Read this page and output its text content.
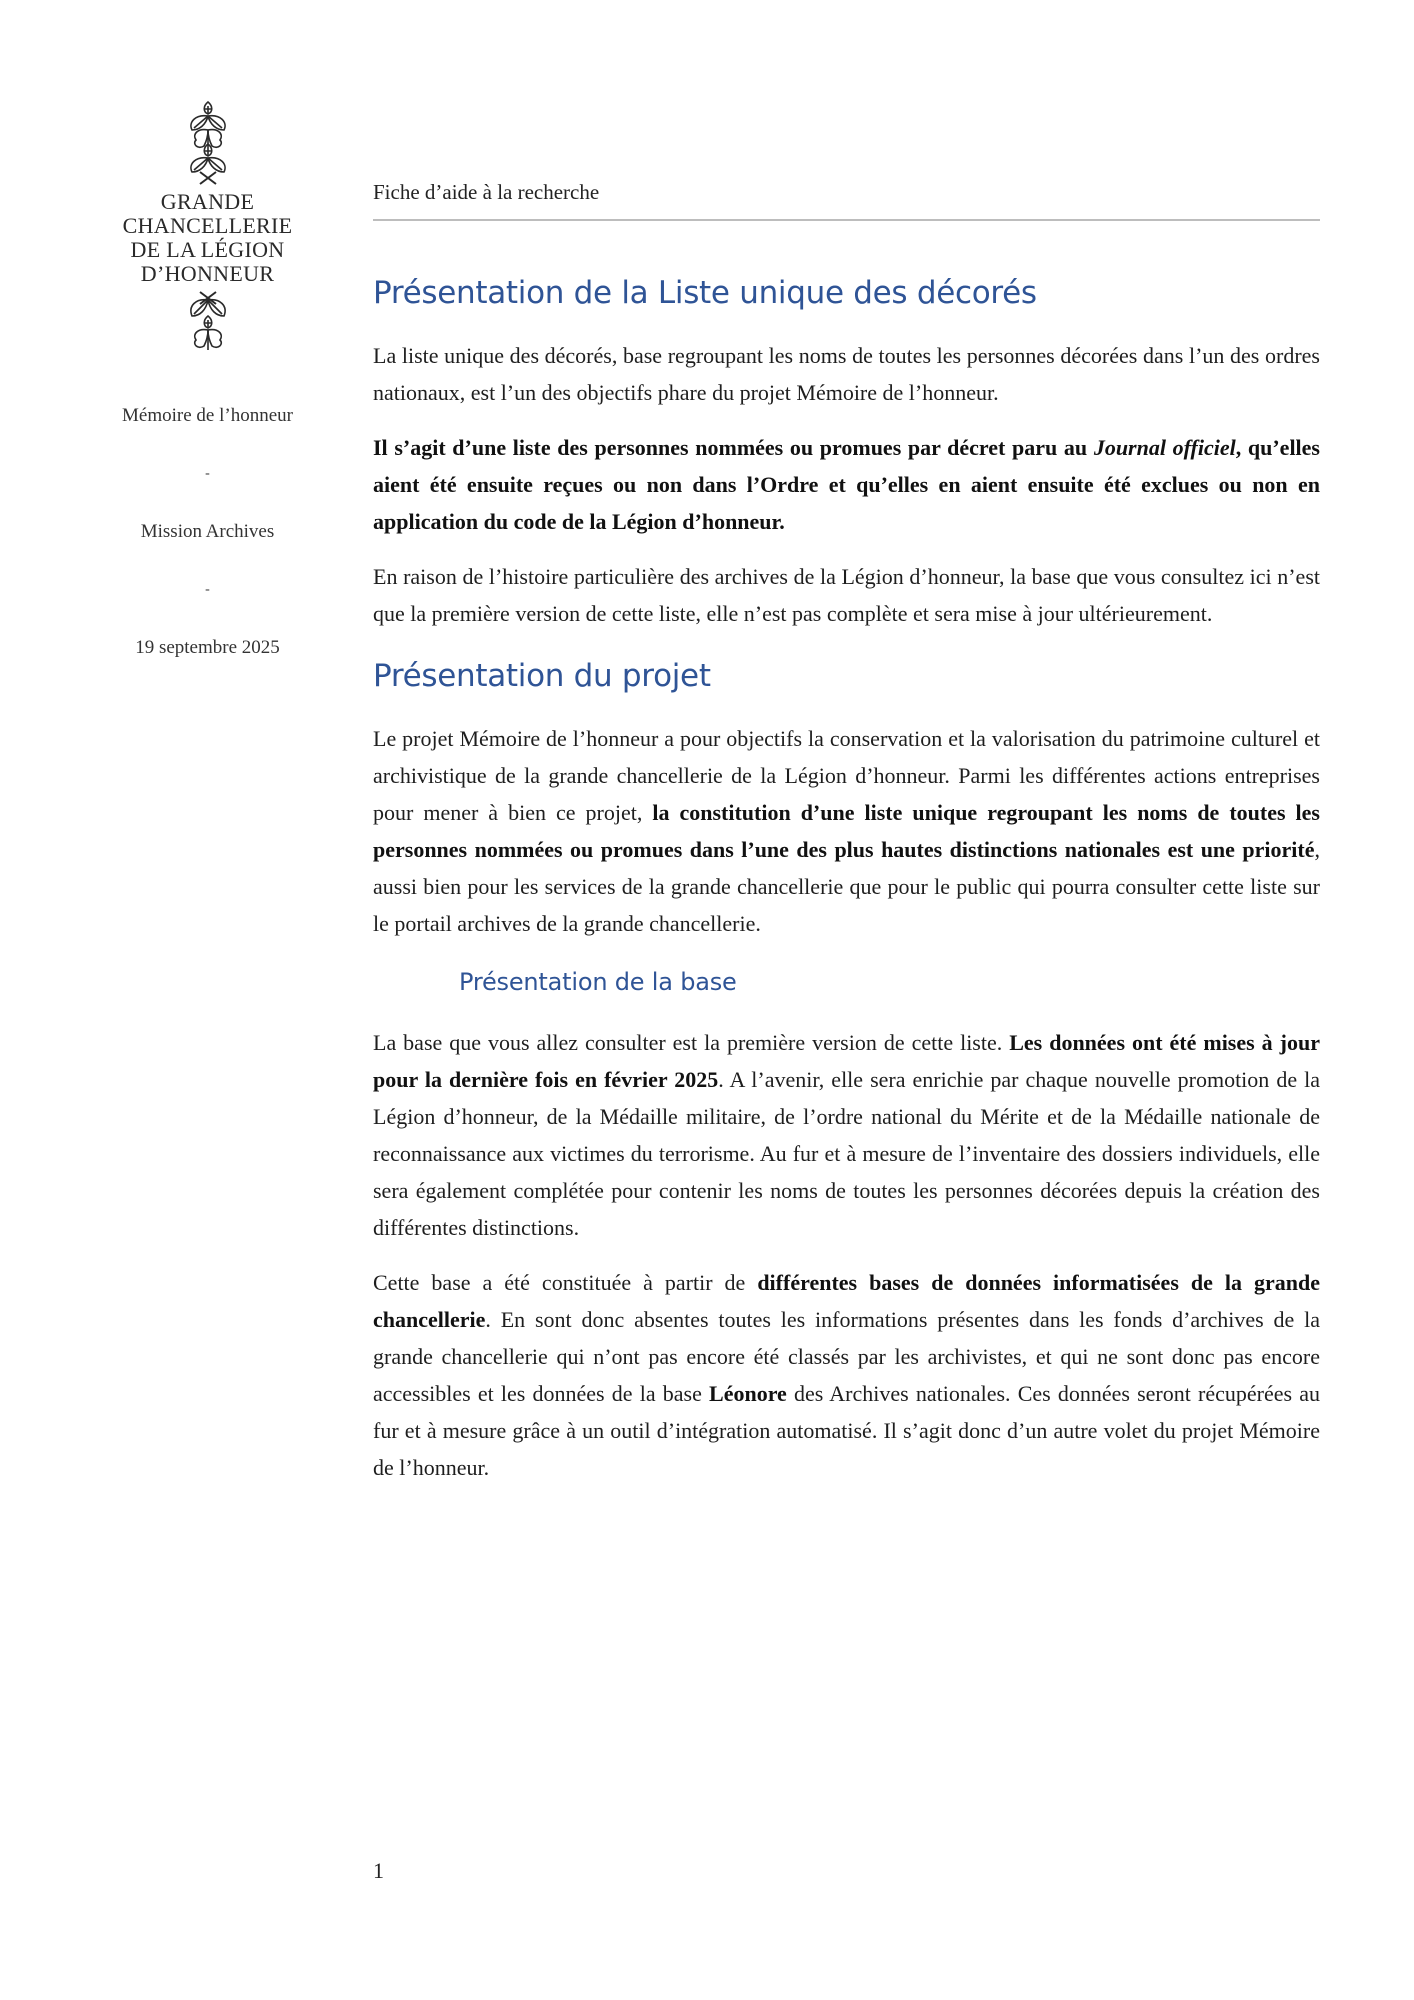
GRANDE
CHANCELLERIE
DE LA LÉGION
D’HONNEUR
Mémoire de l’honneur
-
Mission Archives
-
19 septembre 2025
Fiche d’aide à la recherche
Présentation de la Liste unique des décorés

La liste unique des décorés, base regroupant les noms de toutes les personnes décorées dans l’un des ordres nationaux, est l’un des objectifs phare du projet Mémoire de l’honneur.

Il s’agit d’une liste des personnes nommées ou promues par décret paru au Journal officiel, qu’elles aient été ensuite reçues ou non dans l’Ordre et qu’elles en aient ensuite été exclues ou non en application du code de la Légion d’honneur.

En raison de l’histoire particulière des archives de la Légion d’honneur, la base que vous consultez ici n’est que la première version de cette liste, elle n’est pas complète et sera mise à jour ultérieurement.

Présentation du projet

Le projet Mémoire de l’honneur a pour objectifs la conservation et la valorisation du patrimoine culturel et archivistique de la grande chancellerie de la Légion d’honneur. Parmi les différentes actions entreprises pour mener à bien ce projet, la constitution d’une liste unique regroupant les noms de toutes les personnes nommées ou promues dans l’une des plus hautes distinctions nationales est une priorité, aussi bien pour les services de la grande chancellerie que pour le public qui pourra consulter cette liste sur le portail archives de la grande chancellerie.

Présentation de la base

La base que vous allez consulter est la première version de cette liste. Les données ont été mises à jour pour la dernière fois en février 2025. A l’avenir, elle sera enrichie par chaque nouvelle promotion de la Légion d’honneur, de la Médaille militaire, de l’ordre national du Mérite et de la Médaille nationale de reconnaissance aux victimes du terrorisme. Au fur et à mesure de l’inventaire des dossiers individuels, elle sera également complétée pour contenir les noms de toutes les personnes décorées depuis la création des différentes distinctions.

Cette base a été constituée à partir de différentes bases de données informatisées de la grande chancellerie. En sont donc absentes toutes les informations présentes dans les fonds d’archives de la grande chancellerie qui n’ont pas encore été classés par les archivistes, et qui ne sont donc pas encore accessibles et les données de la base Léonore des Archives nationales. Ces données seront récupérées au fur et à mesure grâce à un outil d’intégration automatisé. Il s’agit donc d’un autre volet du projet Mémoire de l’honneur.

1
